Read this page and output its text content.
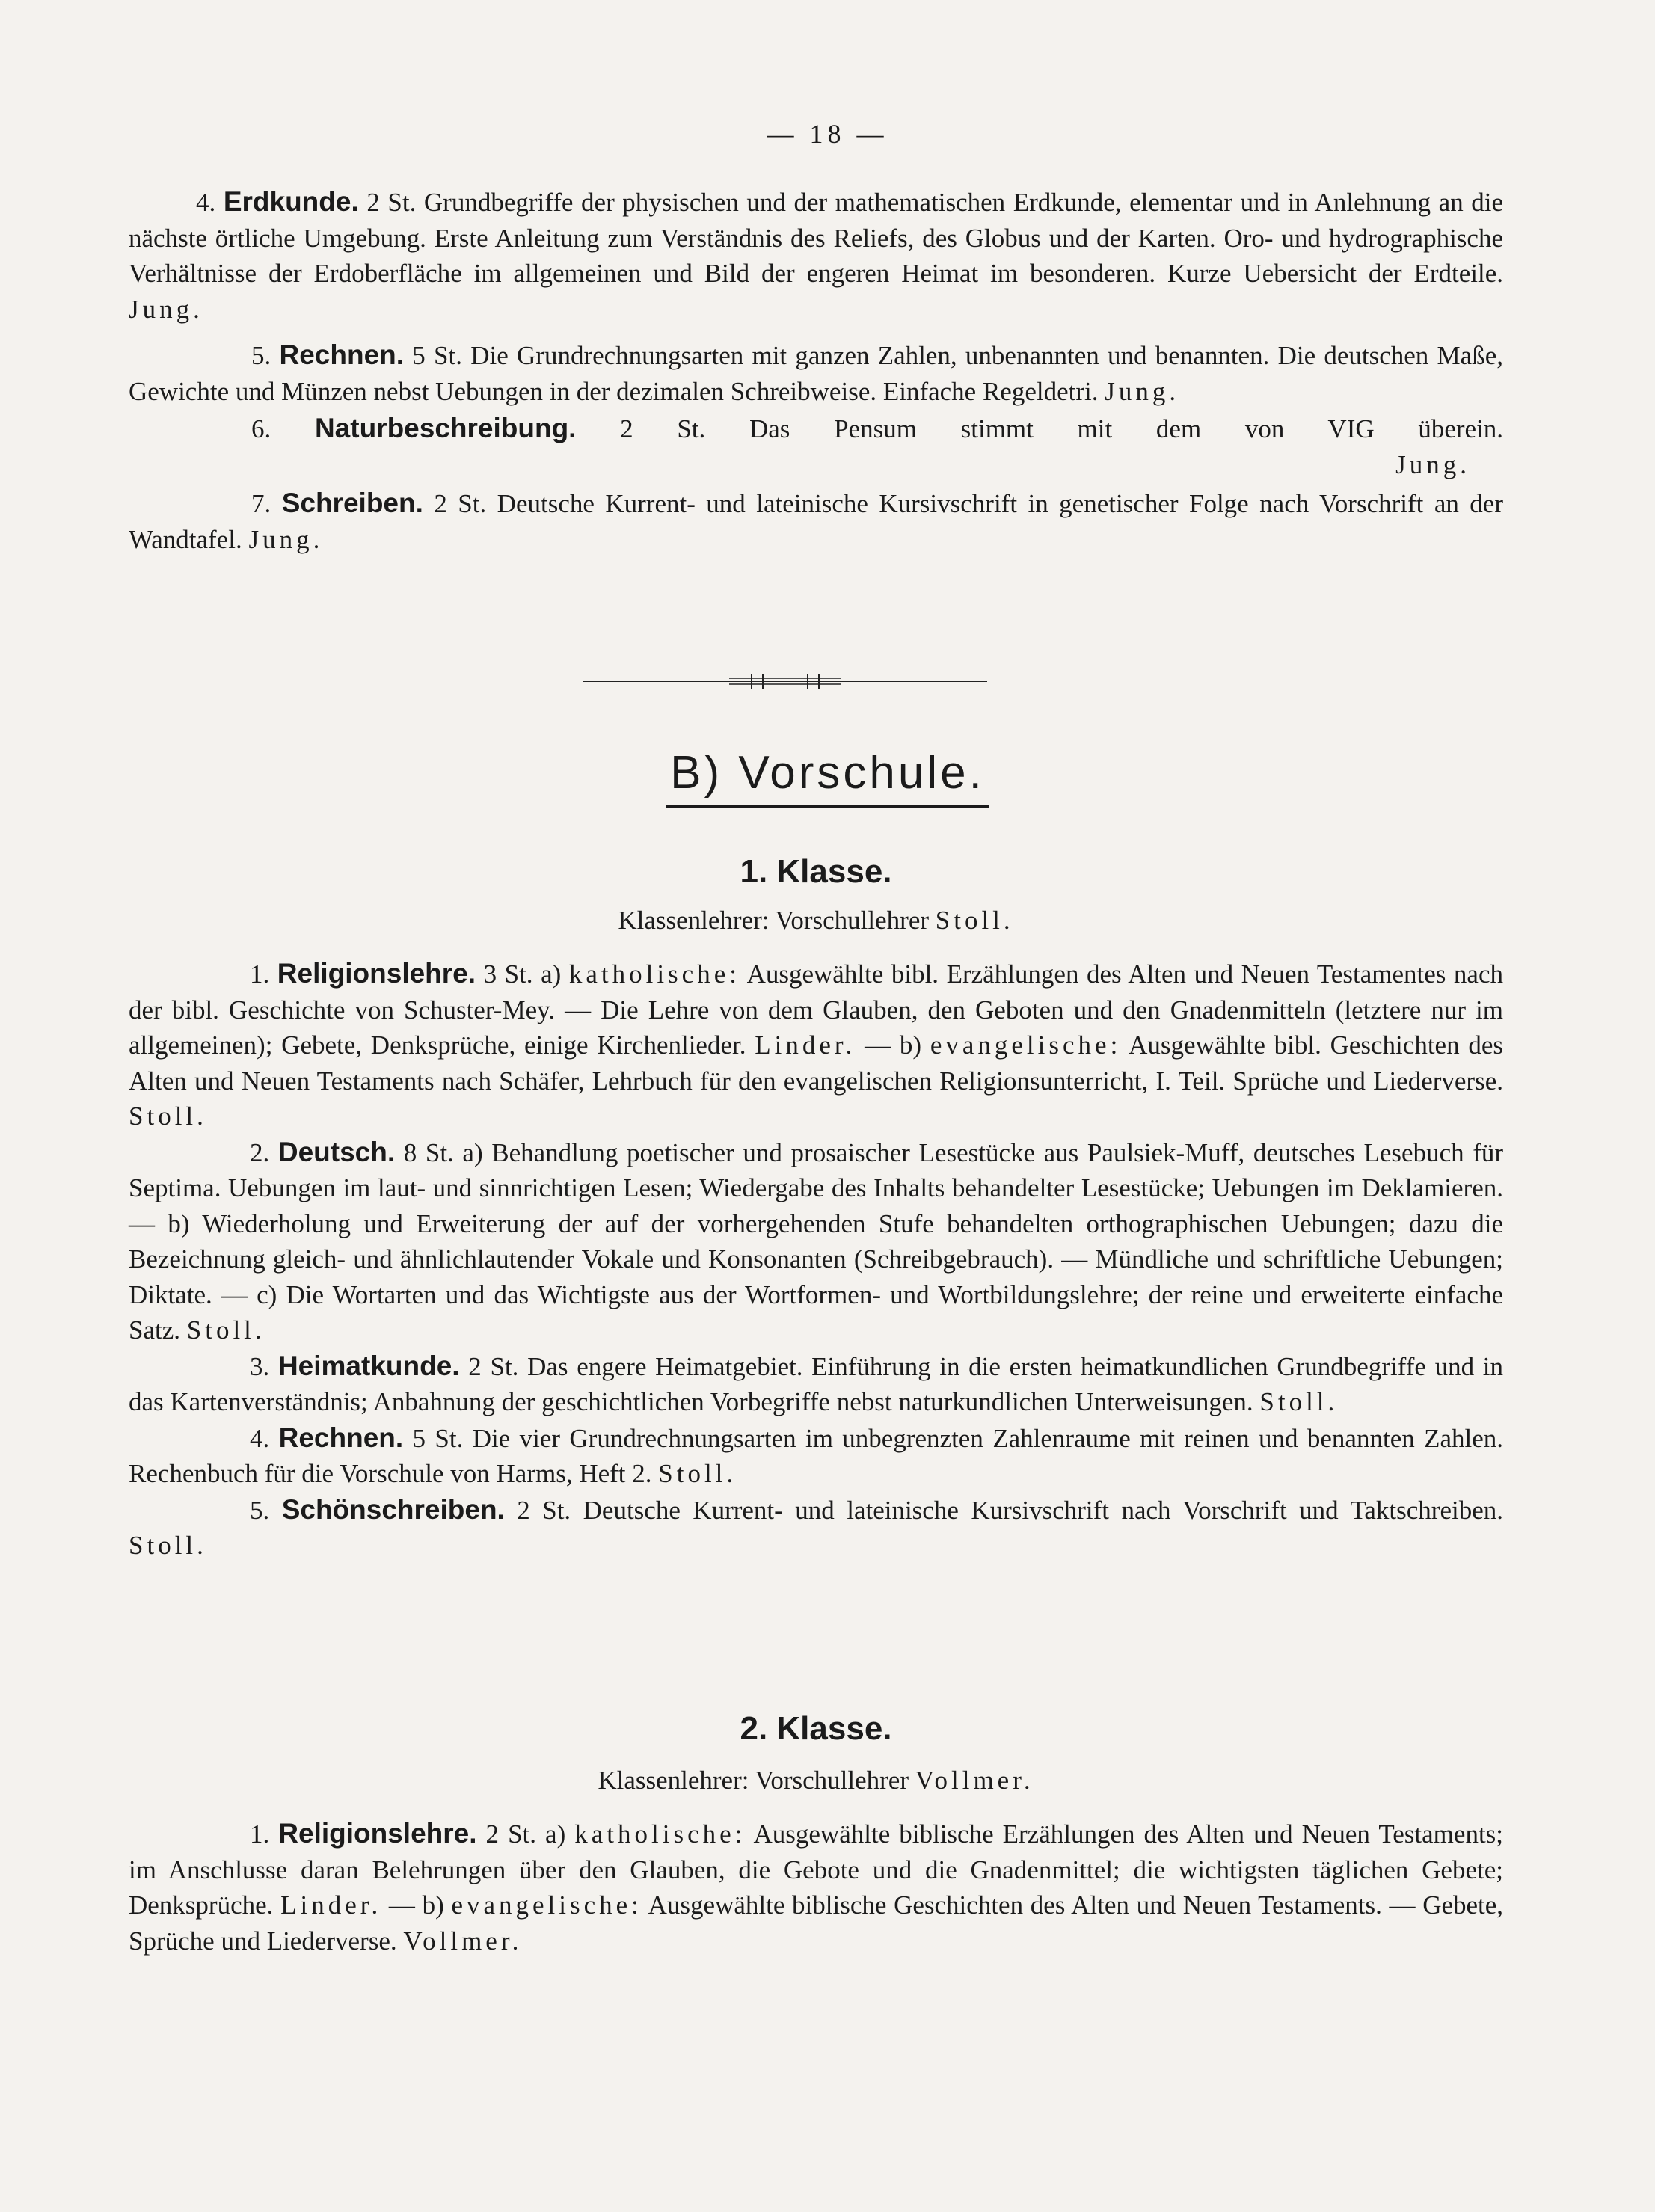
— 18 —

4. Erdkunde. 2 St. Grundbegriffe der physischen und der mathematischen Erdkunde, elementar und in Anlehnung an die nächste örtliche Umgebung. Erste Anleitung zum Verständnis des Reliefs, des Globus und der Karten. Oro- und hydrographische Verhältnisse der Erdoberfläche im allgemeinen und Bild der engeren Heimat im besonderen. Kurze Uebersicht der Erdteile. Jung.

5. Rechnen. 5 St. Die Grundrechnungsarten mit ganzen Zahlen, unbenannten und benannten. Die deutschen Maße, Gewichte und Münzen nebst Uebungen in der dezimalen Schreibweise. Einfache Regeldetri. Jung.

6. Naturbeschreibung. 2 St. Das Pensum stimmt mit dem von VIG überein.

Jung.

7. Schreiben. 2 St. Deutsche Kurrent- und lateinische Kursivschrift in genetischer Folge nach Vorschrift an der Wandtafel. Jung.

B) Vorschule.

1. Klasse.

Klassenlehrer: Vorschullehrer Stoll.

1. Religionslehre. 3 St. a) katholische: Ausgewählte bibl. Erzählungen des Alten und Neuen Testamentes nach der bibl. Geschichte von Schuster-Mey. — Die Lehre von dem Glauben, den Geboten und den Gnadenmitteln (letztere nur im allgemeinen); Gebete, Denksprüche, einige Kirchenlieder. Linder. — b) evangelische: Ausgewählte bibl. Geschichten des Alten und Neuen Testaments nach Schäfer, Lehrbuch für den evangelischen Religionsunterricht, I. Teil. Sprüche und Liederverse. Stoll.

2. Deutsch. 8 St. a) Behandlung poetischer und prosaischer Lesestücke aus Paulsiek-Muff, deutsches Lesebuch für Septima. Uebungen im laut- und sinnrichtigen Lesen; Wiedergabe des Inhalts behandelter Lesestücke; Uebungen im Deklamieren. — b) Wiederholung und Erweiterung der auf der vorhergehenden Stufe behandelten orthographischen Uebungen; dazu die Bezeichnung gleich- und ähnlichlautender Vokale und Konsonanten (Schreibgebrauch). — Mündliche und schriftliche Uebungen; Diktate. — c) Die Wortarten und das Wichtigste aus der Wortformen- und Wortbildungslehre; der reine und erweiterte einfache Satz. Stoll.

3. Heimatkunde. 2 St. Das engere Heimatgebiet. Einführung in die ersten heimatkundlichen Grundbegriffe und in das Kartenverständnis; Anbahnung der geschichtlichen Vorbegriffe nebst naturkundlichen Unterweisungen. Stoll.

4. Rechnen. 5 St. Die vier Grundrechnungsarten im unbegrenzten Zahlenraume mit reinen und benannten Zahlen. Rechenbuch für die Vorschule von Harms, Heft 2. Stoll.

5. Schönschreiben. 2 St. Deutsche Kurrent- und lateinische Kursivschrift nach Vorschrift und Taktschreiben. Stoll.

2. Klasse.

Klassenlehrer: Vorschullehrer Vollmer.

1. Religionslehre. 2 St. a) katholische: Ausgewählte biblische Erzählungen des Alten und Neuen Testaments; im Anschlusse daran Belehrungen über den Glauben, die Gebote und die Gnadenmittel; die wichtigsten täglichen Gebete; Denksprüche. Linder. — b) evangelische: Ausgewählte biblische Geschichten des Alten und Neuen Testaments. — Gebete, Sprüche und Liederverse. Vollmer.
